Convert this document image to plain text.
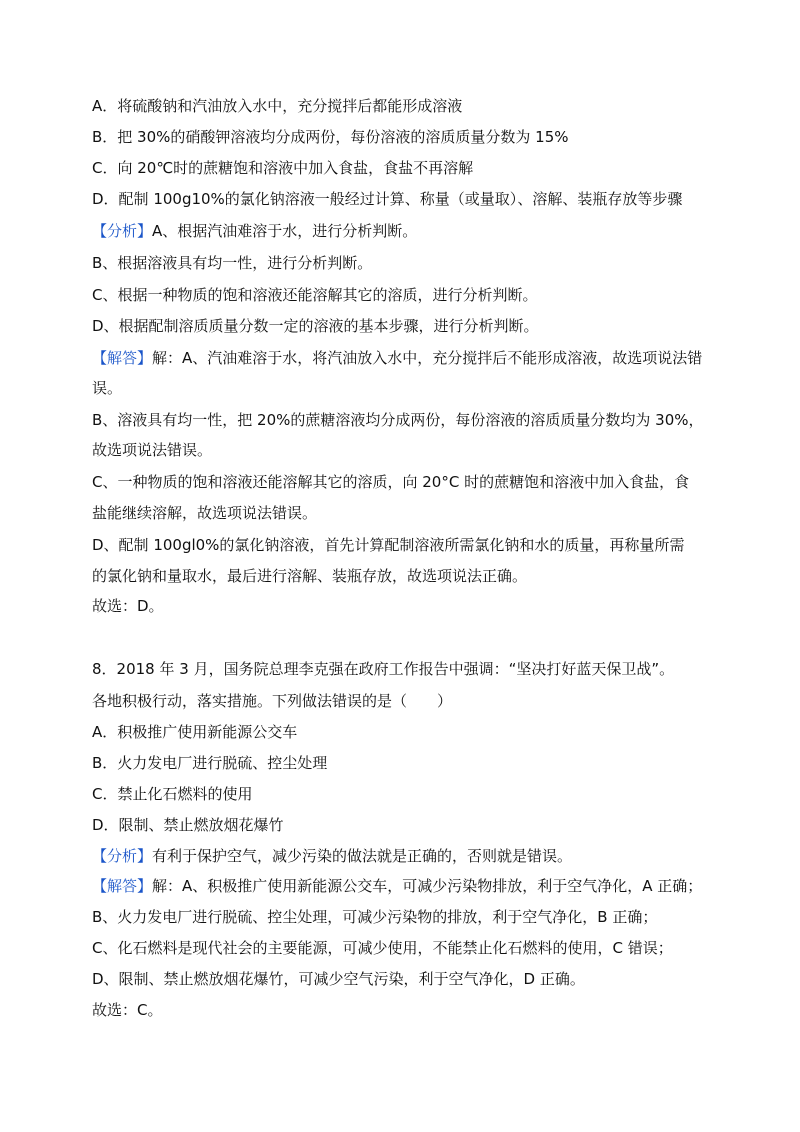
A．将硫酸钠和汽油放入水中，充分搅拌后都能形成溶液
B．把 30%的硝酸钾溶液均分成两份，每份溶液的溶质质量分数为 15%
C．向 20℃时的蔗糖饱和溶液中加入食盐，食盐不再溶解
D．配制 100g10%的氯化钠溶液一般经过计算、称量（或量取）、溶解、装瓶存放等步骤
【分析】A、根据汽油难溶于水，进行分析判断。
B、根据溶液具有均一性，进行分析判断。
C、根据一种物质的饱和溶液还能溶解其它的溶质，进行分析判断。
D、根据配制溶质质量分数一定的溶液的基本步骤，进行分析判断。
【解答】解：A、汽油难溶于水，将汽油放入水中，充分搅拌后不能形成溶液，故选项说法错
误。
B、溶液具有均一性，把 20%的蔗糖溶液均分成两份，每份溶液的溶质质量分数均为 30%，
故选项说法错误。
C、一种物质的饱和溶液还能溶解其它的溶质，向 20°C 时的蔗糖饱和溶液中加入食盐，食
盐能继续溶解，故选项说法错误。
D、配制 100gl0%的氯化钠溶液，首先计算配制溶液所需氯化钠和水的质量，再称量所需
的氯化钠和量取水，最后进行溶解、装瓶存放，故选项说法正确。
故选：D。
8．2018 年 3 月，国务院总理李克强在政府工作报告中强调：“坚决打好蓝天保卫战”。
各地积极行动，落实措施。下列做法错误的是（　　）
A．积极推广使用新能源公交车
B．火力发电厂进行脱硫、控尘处理
C．禁止化石燃料的使用
D．限制、禁止燃放烟花爆竹
【分析】有利于保护空气，减少污染的做法就是正确的，否则就是错误。
【解答】解：A、积极推广使用新能源公交车，可减少污染物排放，利于空气净化，A 正确；
B、火力发电厂进行脱硫、控尘处理，可减少污染物的排放，利于空气净化，B 正确；
C、化石燃料是现代社会的主要能源，可减少使用，不能禁止化石燃料的使用，C 错误；
D、限制、禁止燃放烟花爆竹，可减少空气污染，利于空气净化，D 正确。
故选：C。
